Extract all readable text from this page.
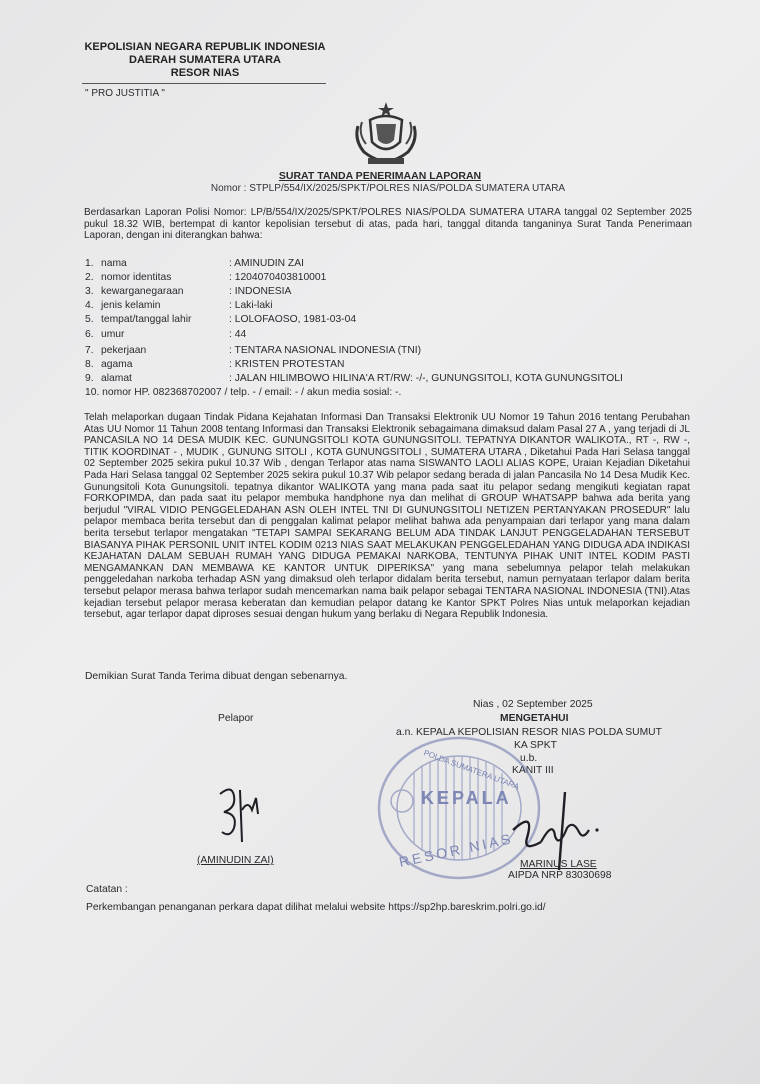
KEPOLISIAN NEGARA REPUBLIK INDONESIA
DAERAH SUMATERA UTARA
RESOR NIAS
" PRO JUSTITIA "
SURAT TANDA PENERIMAAN LAPORAN
Nomor : STPLP/554/IX/2025/SPKT/POLRES NIAS/POLDA SUMATERA UTARA
Berdasarkan Laporan Polisi Nomor: LP/B/554/IX/2025/SPKT/POLRES NIAS/POLDA SUMATERA UTARA tanggal 02 September 2025 pukul 18.32 WIB, bertempat di kantor kepolisian tersebut di atas, pada hari, tanggal ditanda tanganinya Surat Tanda Penerimaan Laporan, dengan ini diterangkan bahwa:
1. nama	: AMINUDIN ZAI
2. nomor identitas	: 1204070403810001
3. kewarganegaraan	: INDONESIA
4. jenis kelamin	: Laki-laki
5. tempat/tanggal lahir	: LOLOFAOSO, 1981-03-04
6. umur	: 44
7. pekerjaan	: TENTARA NASIONAL INDONESIA (TNI)
8. agama	: KRISTEN PROTESTAN
9. alamat	: JALAN HILIMBOWO HILINA'A RT/RW: -/-, GUNUNGSITOLI, KOTA GUNUNGSITOLI
10. nomor HP. 082368702007 / telp. - / email: - / akun media sosial: -.
Telah melaporkan dugaan Tindak Pidana Kejahatan Informasi Dan Transaksi Elektronik UU Nomor 19 Tahun 2016 tentang Perubahan Atas UU Nomor 11 Tahun 2008 tentang Informasi dan Transaksi Elektronik sebagaimana dimaksud dalam Pasal 27 A , yang terjadi di JL PANCASILA NO 14 DESA MUDIK KEC. GUNUNGSITOLI KOTA GUNUNGSITOLI. TEPATNYA DIKANTOR WALIKOTA., RT -, RW -, TITIK KOORDINAT - , MUDIK , GUNUNG SITOLI , KOTA GUNUNGSITOLI , SUMATERA UTARA , Diketahui Pada Hari Selasa tanggal 02 September 2025 sekira pukul 10.37 Wib , dengan Terlapor atas nama SISWANTO LAOLI ALIAS KOPE, Uraian Kejadian Diketahui Pada Hari Selasa tanggal 02 September 2025 sekira pukul 10.37 Wib pelapor sedang berada di jalan Pancasila No 14 Desa Mudik Kec. Gunungsitoli Kota Gunungsitoli. tepatnya dikantor WALIKOTA yang mana pada saat itu pelapor sedang mengikuti kegiatan rapat FORKOPIMDA, dan pada saat itu pelapor membuka handphone nya dan melihat di GROUP WHATSAPP bahwa ada berita yang berjudul "VIRAL VIDIO PENGGELEDAHAN ASN OLEH INTEL TNI DI GUNUNGSITOLI NETIZEN PERTANYAKAN PROSEDUR" lalu pelapor membaca berita tersebut dan di penggalan kalimat pelapor melihat bahwa ada penyampaian dari terlapor yang mana dalam berita tersebut terlapor mengatakan "TETAPI SAMPAI SEKARANG BELUM ADA TINDAK LANJUT PENGGELADAHAN TERSEBUT BIASANYA PIHAK PERSONIL UNIT INTEL KODIM 0213 NIAS SAAT MELAKUKAN PENGGELEDAHAN YANG DIDUGA ADA INDIKASI KEJAHATAN DALAM SEBUAH RUMAH YANG DIDUGA PEMAKAI NARKOBA, TENTUNYA PIHAK UNIT INTEL KODIM PASTI MENGAMANKAN DAN MEMBAWA KE KANTOR UNTUK DIPERIKSA" yang mana sebelumnya pelapor telah melakukan penggeledahan narkoba terhadap ASN yang dimaksud oleh terlapor didalam berita tersebut, namun pernyataan terlapor dalam berita tersebut pelapor merasa bahwa terlapor sudah mencemarkan nama baik pelapor sebagai TENTARA NASIONAL INDONESIA (TNI).Atas kejadian tersebut pelapor merasa keberatan dan kemudian pelapor datang ke Kantor SPKT Polres Nias untuk melaporkan kejadian tersebut, agar terlapor dapat diproses sesuai dengan hukum yang berlaku di Negara Republik Indonesia.
Demikian Surat Tanda Terima dibuat dengan sebenarnya.
Nias , 02 September 2025
Pelapor	MENGETAHUI
a.n. KEPALA KEPOLISIAN RESOR NIAS POLDA SUMUT
KA SPKT
u.b.
KANIT III
POLDA SUMATERA UTARA
KEPALA
RESOR NIAS
(AMINUDIN ZAI)	MARINUS LASE
AIPDA NRP 83030698
Catatan :
Perkembangan penanganan perkara dapat dilihat melalui website https://sp2hp.bareskrim.polri.go.id/
